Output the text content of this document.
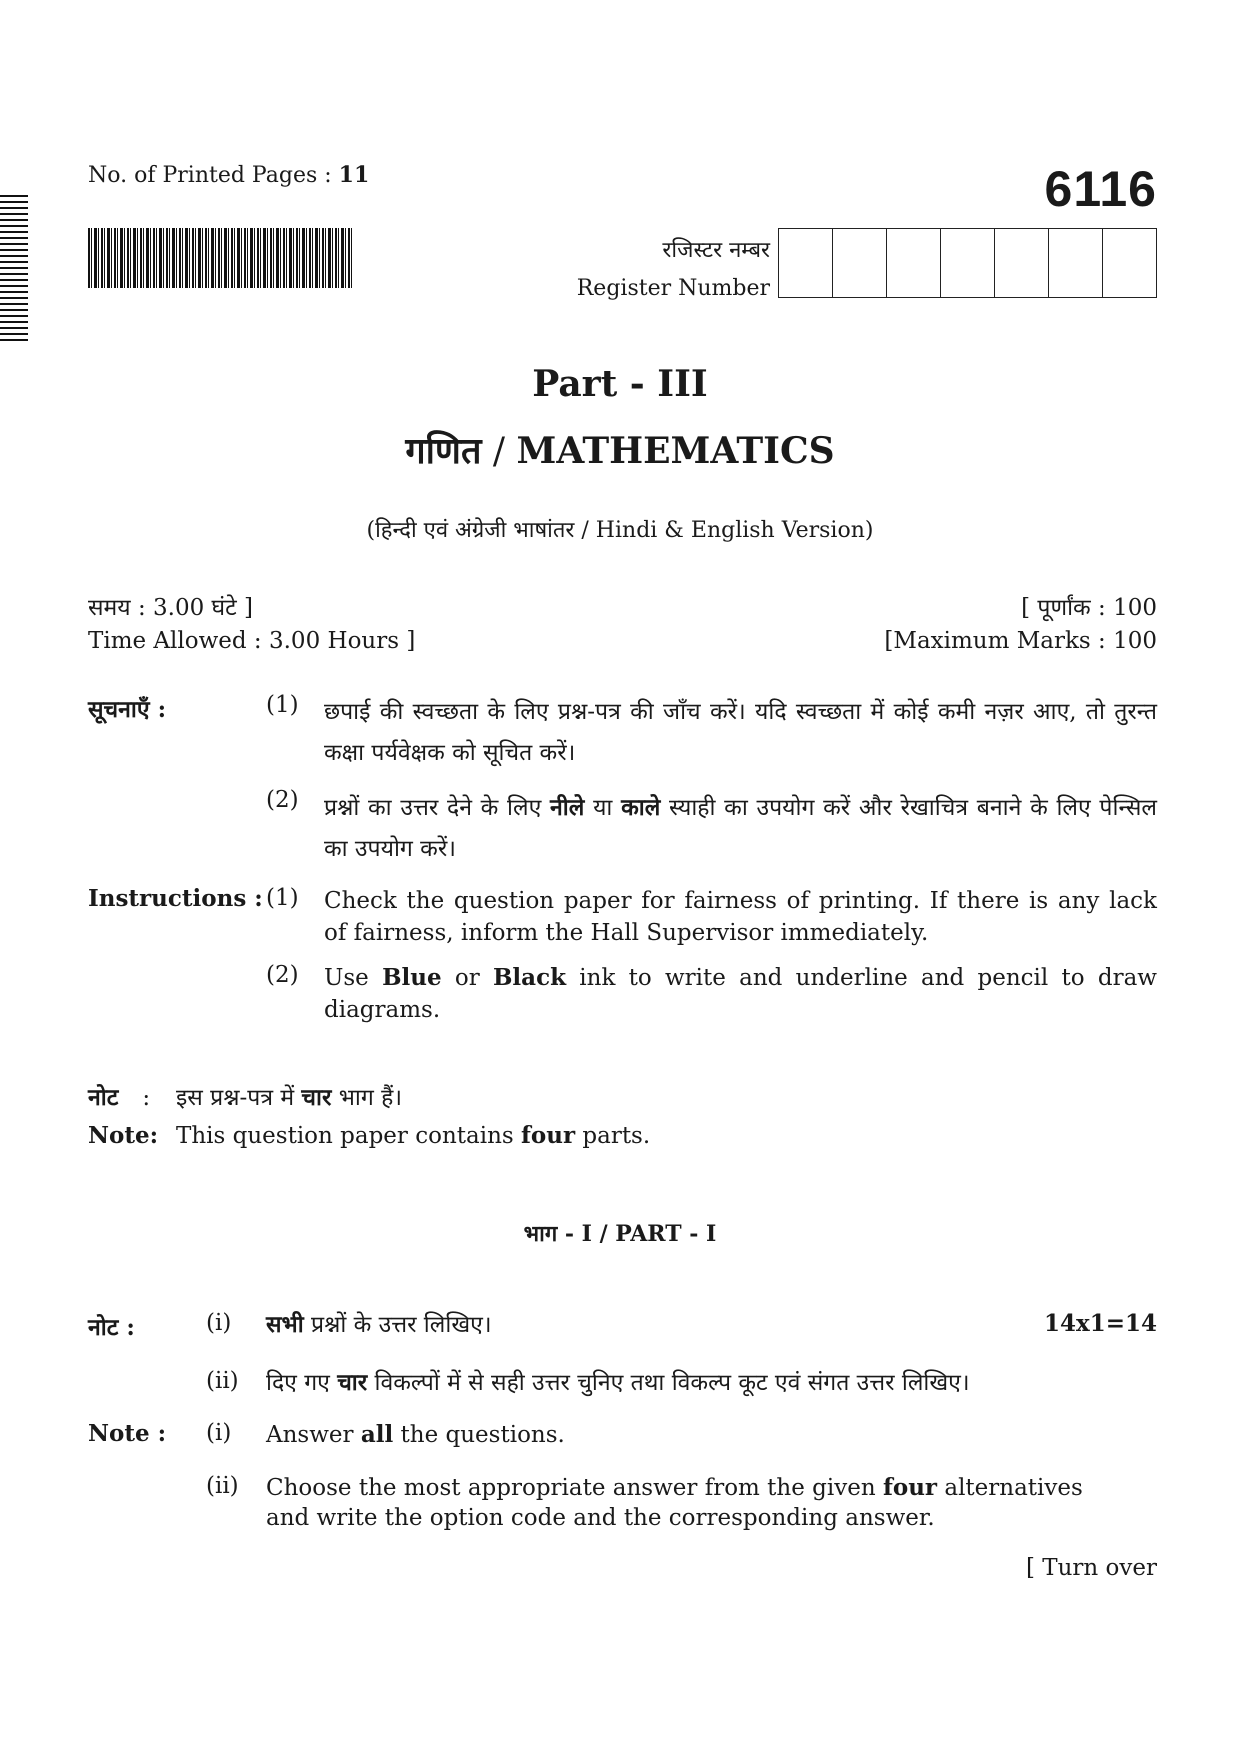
No. of Printed Pages : 11	6116
रजिस्टर नम्बर
Register Number
Part - III
गणित / MATHEMATICS
(हिन्दी एवं अंग्रेजी भाषांतर / Hindi & English Version)
समय : 3.00 घंटे ]	[ पूर्णांक : 100
Time Allowed : 3.00 Hours ]	[Maximum Marks : 100
सूचनाएँ :	(1) छपाई की स्वच्छता के लिए प्रश्न-पत्र की जाँच करें। यदि स्वच्छता में कोई कमी नज़र आए, तो तुरन्त कक्षा पर्यवेक्षक को सूचित करें।
(2) प्रश्नों का उत्तर देने के लिए नीले या काले स्याही का उपयोग करें और रेखाचित्र बनाने के लिए पेन्सिल का उपयोग करें।
Instructions : (1) Check the question paper for fairness of printing. If there is any lack of fairness, inform the Hall Supervisor immediately.
(2) Use Blue or Black ink to write and underline and pencil to draw diagrams.
नोट : इस प्रश्न-पत्र में चार भाग हैं।
Note: This question paper contains four parts.
भाग - I / PART - I
नोट :	(i) सभी प्रश्नों के उत्तर लिखिए।	14x1=14
(ii) दिए गए चार विकल्पों में से सही उत्तर चुनिए तथा विकल्प कूट एवं संगत उत्तर लिखिए।
Note : (i) Answer all the questions.
(ii) Choose the most appropriate answer from the given four alternatives and write the option code and the corresponding answer.
[ Turn over
